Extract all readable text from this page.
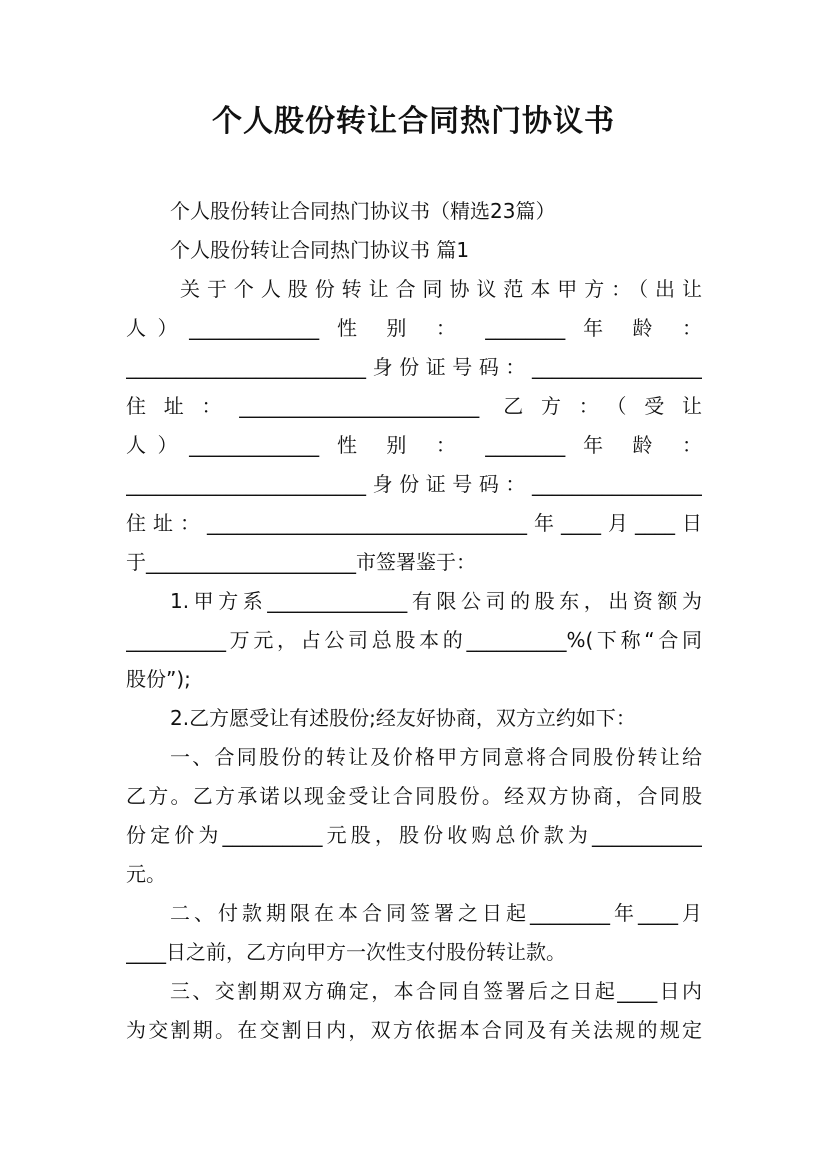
个人股份转让合同热门协议书
个人股份转让合同热门协议书（精选23篇）
个人股份转让合同热门协议书 篇1
关于个人股份转让合同协议范本甲方：（出让
人）_____________ 性 别 ： ________ 年 龄 ：
________________________身份证号码：_________________
住址：________________________ 乙方：（受让
人）_____________ 性 别 ： ________ 年 龄 ：
________________________身份证号码：_________________
住址：________________________________年____月____日
于_____________________市签署鉴于：
1.甲方系______________有限公司的股东，出资额为
__________万元，占公司总股本的__________%(下称“合同
股份”);
2.乙方愿受让有述股份;经友好协商，双方立约如下：
一、合同股份的转让及价格甲方同意将合同股份转让给
乙方。乙方承诺以现金受让合同股份。经双方协商，合同股
份定价为__________元股，股份收购总价款为___________
元。
二、付款期限在本合同签署之日起________年____月
____日之前，乙方向甲方一次性支付股份转让款。
三、交割期双方确定，本合同自签署后之日起____日内
为交割期。在交割日内，双方依据本合同及有关法规的规定
